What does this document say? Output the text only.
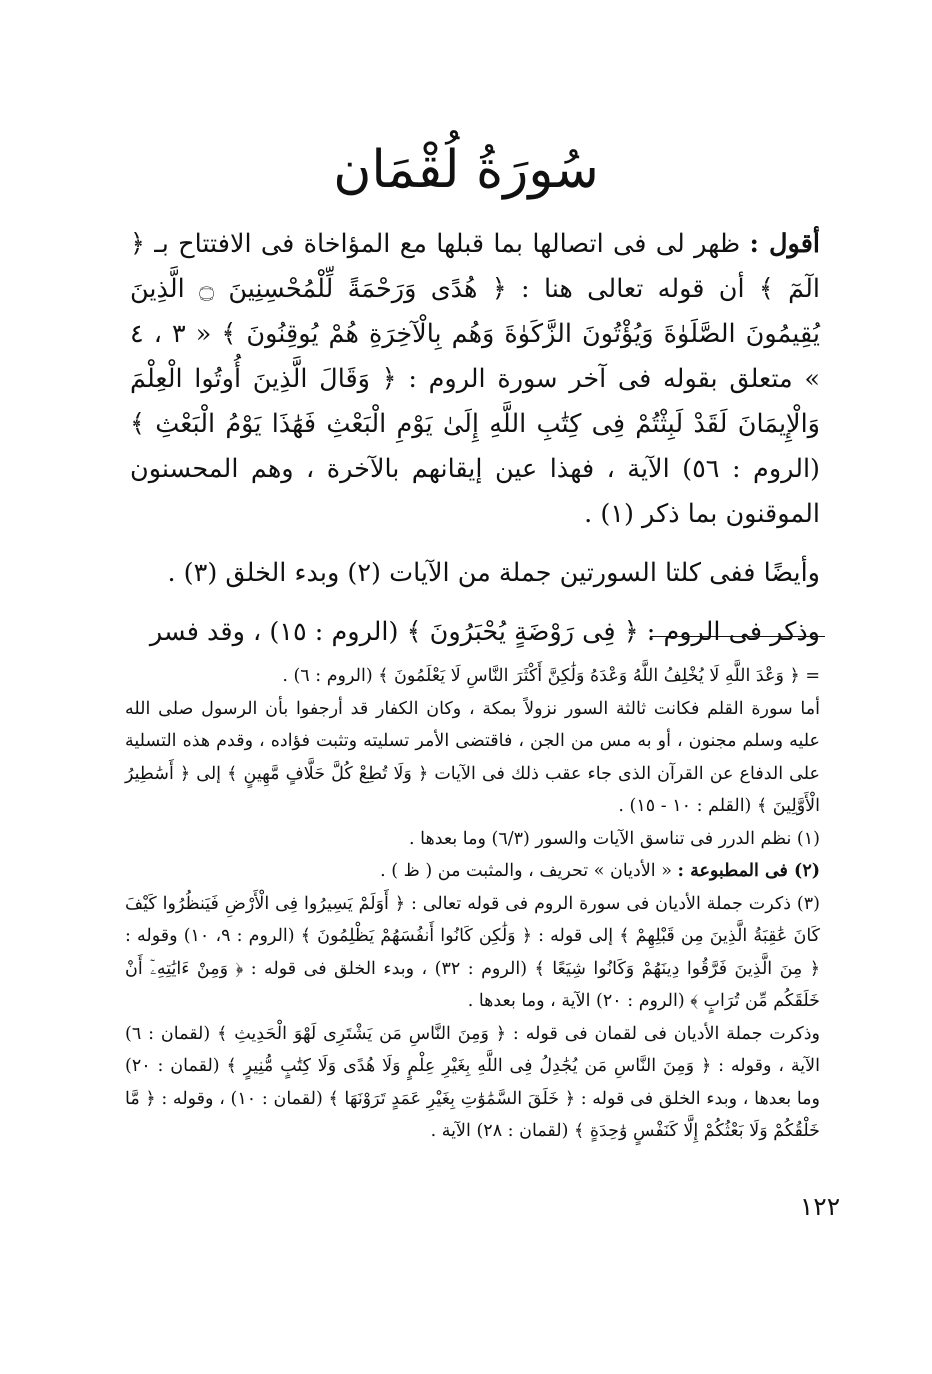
سُورَةُ لُقْمَان

أقول : ظهر لى فى اتصالها بما قبلها مع المؤاخاة فى الافتتاح بـ ﴿ الٓمٓ ﴾ أن قوله تعالى هنا : ﴿ هُدًى وَرَحْمَةً لِّلْمُحْسِنِينَ ۝ الَّذِينَ يُقِيمُونَ الصَّلَوٰةَ وَيُؤْتُونَ الزَّكَوٰةَ وَهُم بِالْآخِرَةِ هُمْ يُوقِنُونَ ﴾ « ٣ ، ٤ » متعلق بقوله فى آخر سورة الروم : ﴿ وَقَالَ الَّذِينَ أُوتُوا الْعِلْمَ وَالْإِيمَانَ لَقَدْ لَبِثْتُمْ فِى كِتَٰبِ اللَّهِ إِلَىٰ يَوْمِ الْبَعْثِ فَهَٰذَا يَوْمُ الْبَعْثِ ﴾ (الروم : ٥٦) الآية ، فهذا عين إيقانهم بالآخرة ، وهم المحسنون الموقنون بما ذكر (١) .

وأيضًا ففى كلتا السورتين جملة من الآيات (٢) وبدء الخلق (٣) .

وذكر فى الروم : ﴿ فِى رَوْضَةٍ يُحْبَرُونَ ﴾ (الروم : ١٥) ، وقد فسر

= ﴿ وَعْدَ اللَّهِ لَا يُخْلِفُ اللَّهُ وَعْدَهُ وَلَٰكِنَّ أَكْثَرَ النَّاسِ لَا يَعْلَمُونَ ﴾ (الروم : ٦) .

أما سورة القلم فكانت ثالثة السور نزولاً بمكة ، وكان الكفار قد أرجفوا بأن الرسول صلى الله عليه وسلم مجنون ، أو به مس من الجن ، فاقتضى الأمر تسليته وتثبت فؤاده ، وقدم هذه التسلية على الدفاع عن القرآن الذى جاء عقب ذلك فى الآيات ﴿ وَلَا تُطِعْ كُلَّ حَلَّافٍ مَّهِينٍ ﴾ إلى ﴿ أَسَٰطِيرُ الْأَوَّلِينَ ﴾ (القلم : ١٠ - ١٥) .

(١) نظم الدرر فى تناسق الآيات والسور (٦/٣) وما بعدها .

(٢) فى المطبوعة : « الأديان » تحريف ، والمثبت من ( ظ ) .

(٣) ذكرت جملة الأديان فى سورة الروم فى قوله تعالى : ﴿ أَوَلَمْ يَسِيرُوا فِى الْأَرْضِ فَيَنظُرُوا كَيْفَ كَانَ عَٰقِبَةُ الَّذِينَ مِن قَبْلِهِمْ ﴾ إلى قوله : ﴿ وَلَٰكِن كَانُوا أَنفُسَهُمْ يَظْلِمُونَ ﴾ (الروم : ٩، ١٠) وقوله : ﴿ مِنَ الَّذِينَ فَرَّقُوا دِينَهُمْ وَكَانُوا شِيَعًا ﴾ (الروم : ٣٢) ، وبدء الخلق فى قوله : ﴿ وَمِنْ ءَايَٰتِهِۦٓ أَنْ خَلَقَكُم مِّن تُرَابٍ ﴾ (الروم : ٢٠) الآية ، وما بعدها .

وذكرت جملة الأديان فى لقمان فى قوله : ﴿ وَمِنَ النَّاسِ مَن يَشْتَرِى لَهْوَ الْحَدِيثِ ﴾ (لقمان : ٦) الآية ، وقوله : ﴿ وَمِنَ النَّاسِ مَن يُجَٰدِلُ فِى اللَّهِ بِغَيْرِ عِلْمٍ وَلَا هُدًى وَلَا كِتَٰبٍ مُّنِيرٍ ﴾ (لقمان : ٢٠) وما بعدها ، وبدء الخلق فى قوله : ﴿ خَلَقَ السَّمَٰوَٰتِ بِغَيْرِ عَمَدٍ تَرَوْنَهَا ﴾ (لقمان : ١٠) ، وقوله : ﴿ مَّا خَلْقُكُمْ وَلَا بَعْثُكُمْ إِلَّا كَنَفْسٍ وَٰحِدَةٍ ﴾ (لقمان : ٢٨) الآية .

١٢٢
